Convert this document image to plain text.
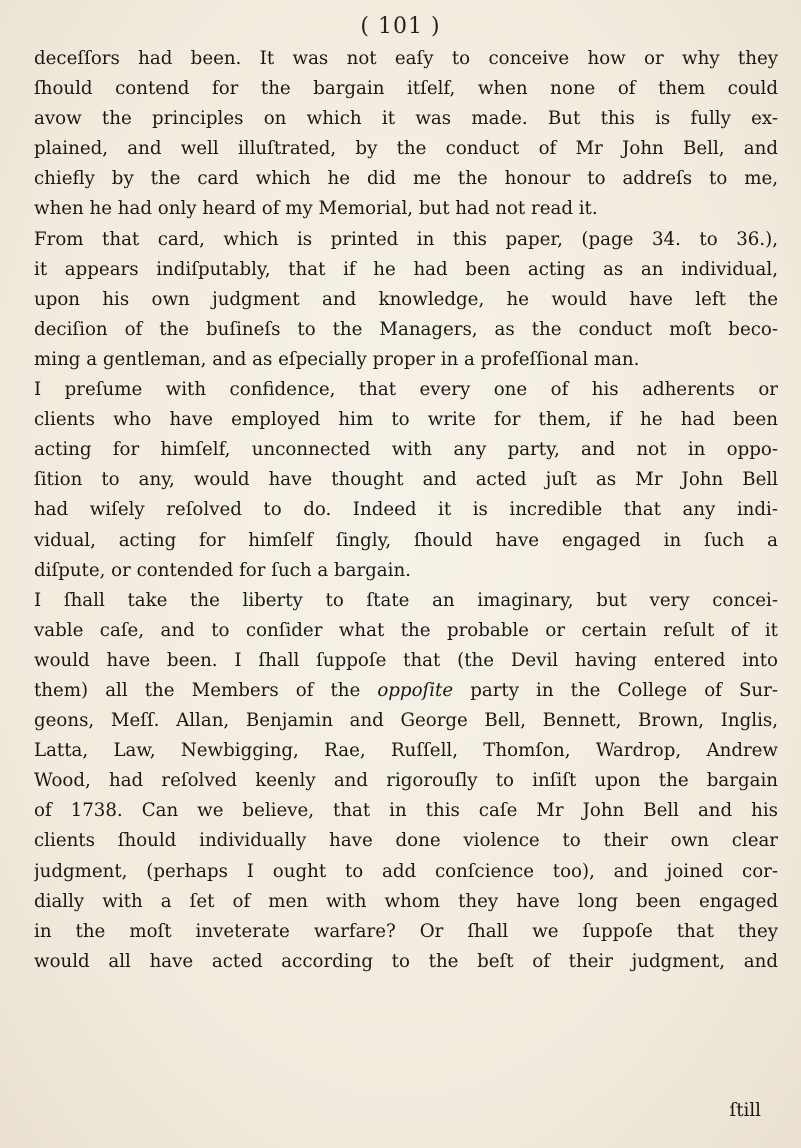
( 101 )
deceſſors had been. It was not eaſy to conceive how or why they
ſhould contend for the bargain itſelf, when none of them could
avow the principles on which it was made. But this is fully ex-
plained, and well illuſtrated, by the conduct of Mr John Bell, and
chiefly by the card which he did me the honour to addreſs to me,
when he had only heard of my Memorial, but had not read it.
From that card, which is printed in this paper, (page 34. to 36.),
it appears indiſputably, that if he had been acting as an individual,
upon his own judgment and knowledge, he would have left the
deciſion of the buſineſs to the Managers, as the conduct moſt beco-
ming a gentleman, and as eſpecially proper in a profeſſional man.
I preſume with confidence, that every one of his adherents or
clients who have employed him to write for them, if he had been
acting for himſelf, unconnected with any party, and not in oppo-
ſition to any, would have thought and acted juſt as Mr John Bell
had wiſely reſolved to do. Indeed it is incredible that any indi-
vidual, acting for himſelf ſingly, ſhould have engaged in ſuch a
diſpute, or contended for ſuch a bargain.
I ſhall take the liberty to ſtate an imaginary, but very concei-
vable caſe, and to conſider what the probable or certain reſult of it
would have been. I ſhall ſuppoſe that (the Devil having entered into
them) all the Members of the oppoſite party in the College of Sur-
geons, Meſſ. Allan, Benjamin and George Bell, Bennett, Brown, Inglis,
Latta, Law, Newbigging, Rae, Ruſſell, Thomſon, Wardrop, Andrew
Wood, had reſolved keenly and rigorouſly to inſiſt upon the bargain
of 1738. Can we believe, that in this caſe Mr John Bell and his
clients ſhould individually have done violence to their own clear
judgment, (perhaps I ought to add conſcience too), and joined cor-
dially with a ſet of men with whom they have long been engaged
in the moſt inveterate warfare? Or ſhall we ſuppoſe that they
would all have acted according to the beſt of their judgment, and
ſtill
